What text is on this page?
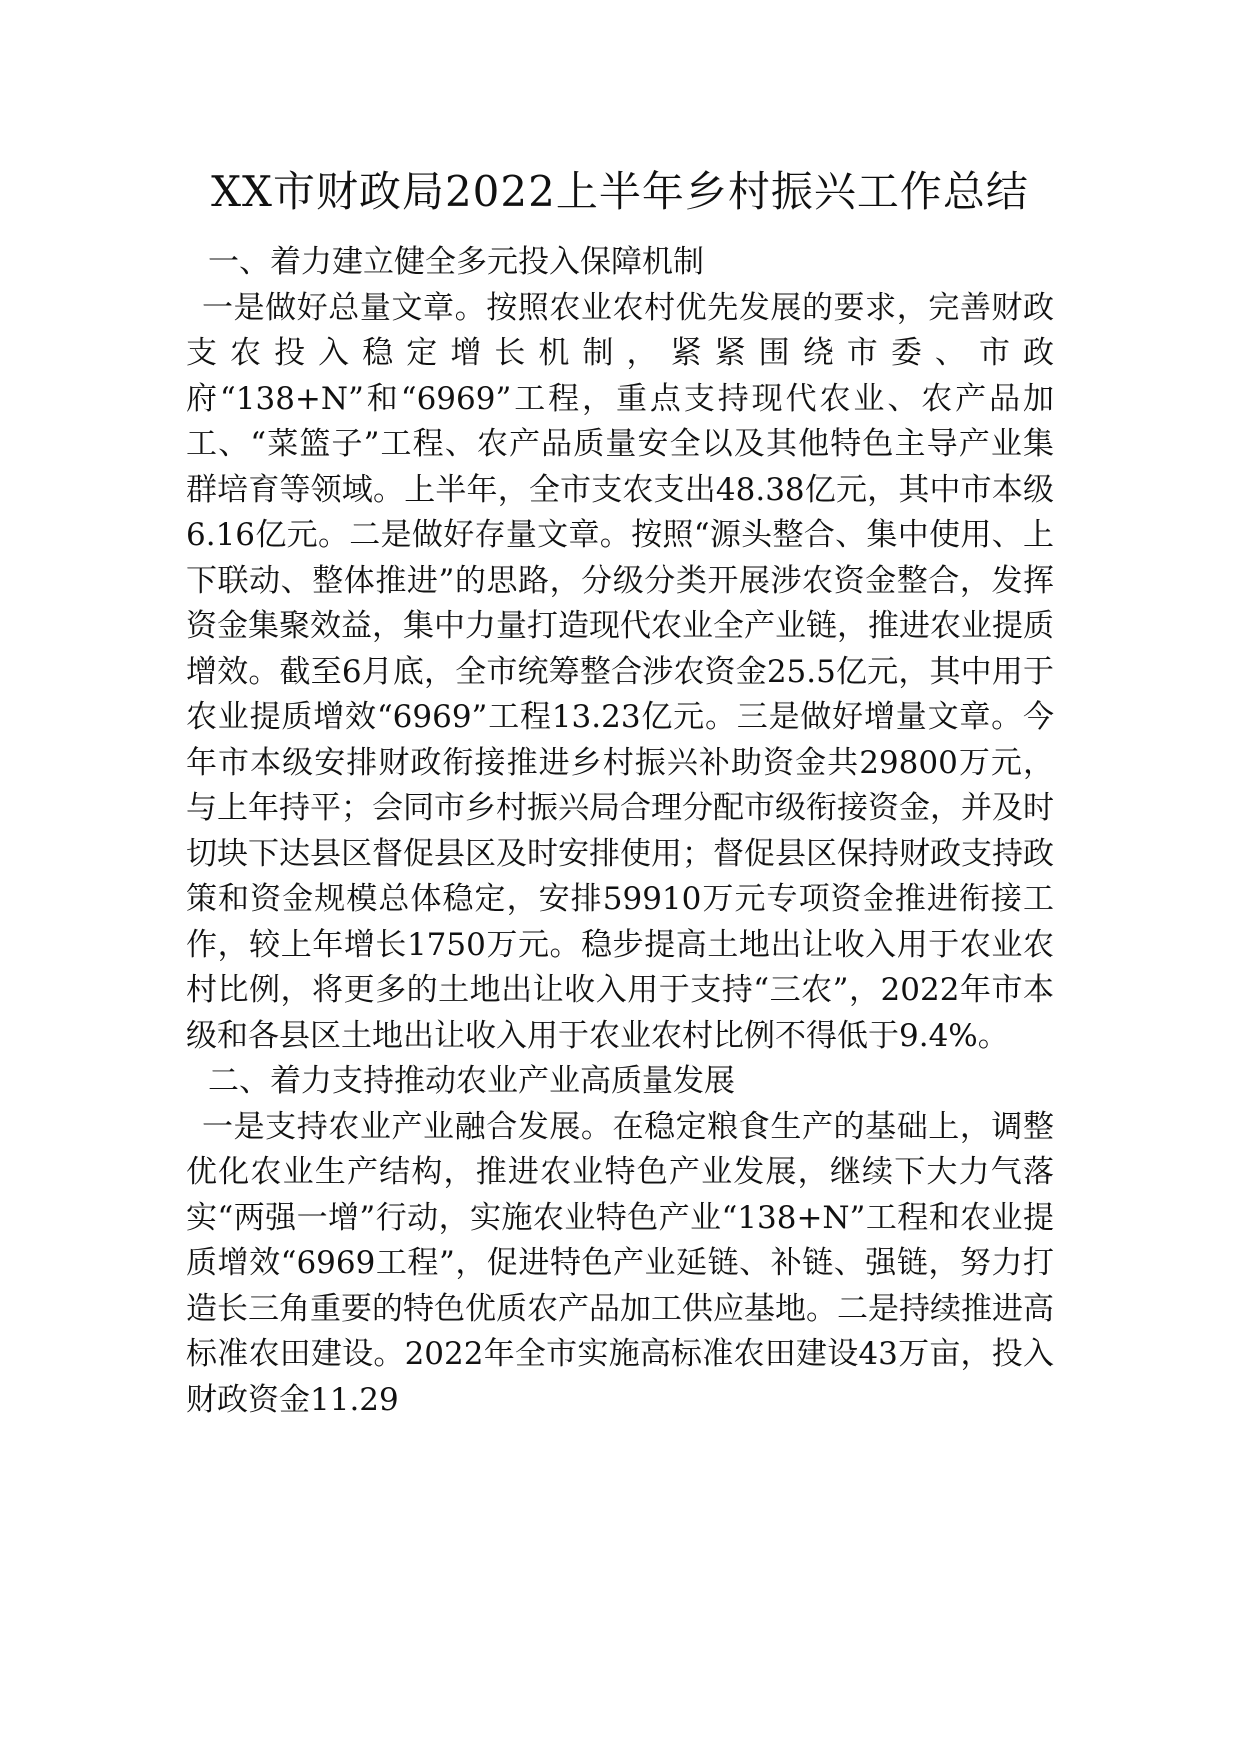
XX市财政局2022上半年乡村振兴工作总结
一、着力建立健全多元投入保障机制

一是做好总量文章。按照农业农村优先发展的要求，完善财政支农投入稳定增长机制，紧紧围绕市委、市政府“138+N”和“6969”工程，重点支持现代农业、农产品加工、“菜篮子”工程、农产品质量安全以及其他特色主导产业集群培育等领域。上半年，全市支农支出48.38亿元，其中市本级6.16亿元。二是做好存量文章。按照“源头整合、集中使用、上下联动、整体推进”的思路，分级分类开展涉农资金整合，发挥资金集聚效益，集中力量打造现代农业全产业链，推进农业提质增效。截至6月底，全市统筹整合涉农资金25.5亿元，其中用于农业提质增效“6969”工程13.23亿元。三是做好增量文章。今年市本级安排财政衔接推进乡村振兴补助资金共29800万元，与上年持平；会同市乡村振兴局合理分配市级衔接资金，并及时切块下达县区督促县区及时安排使用；督促县区保持财政支持政策和资金规模总体稳定，安排59910万元专项资金推进衔接工作，较上年增长1750万元。稳步提高土地出让收入用于农业农村比例，将更多的土地出让收入用于支持“三农”，2022年市本级和各县区土地出让收入用于农业农村比例不得低于9.4%。

二、着力支持推动农业产业高质量发展

一是支持农业产业融合发展。在稳定粮食生产的基础上，调整优化农业生产结构，推进农业特色产业发展，继续下大力气落实“两强一增”行动，实施农业特色产业“138+N”工程和农业提质增效“6969工程”，促进特色产业延链、补链、强链，努力打造长三角重要的特色优质农产品加工供应基地。二是持续推进高标准农田建设。2022年全市实施高标准农田建设43万亩，投入财政资金11.29
